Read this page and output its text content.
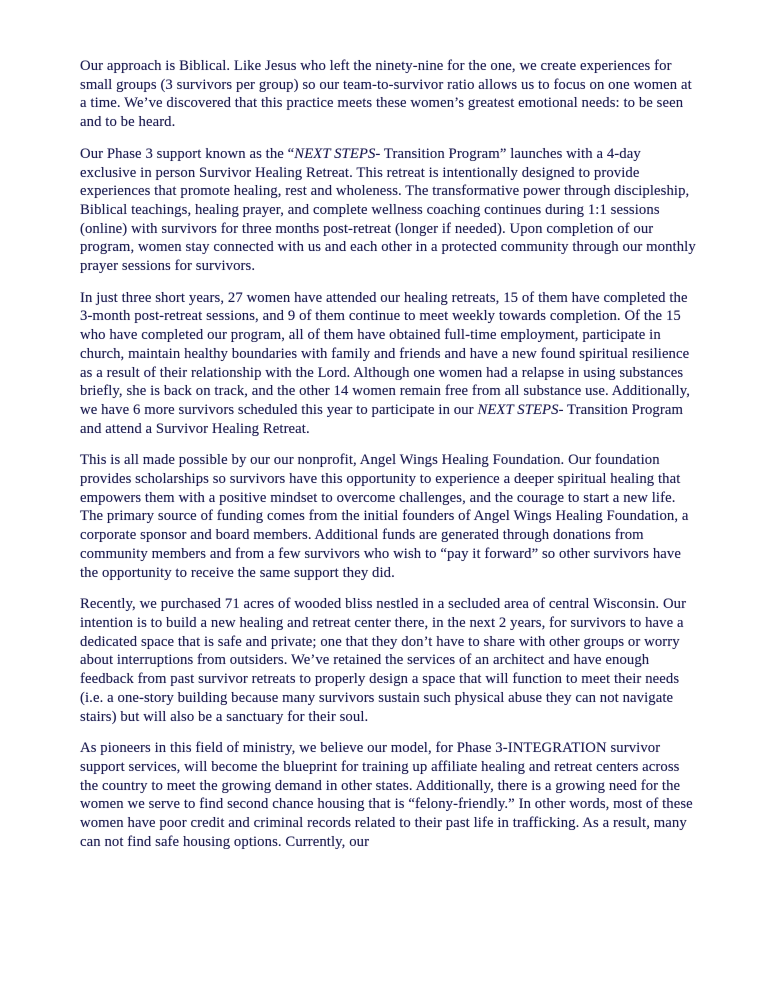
Our approach is Biblical. Like Jesus who left the ninety-nine for the one, we create experiences for small groups (3 survivors per group) so our team-to-survivor ratio allows us to focus on one women at a time. We’ve discovered that this practice meets these women’s greatest emotional needs: to be seen and to be heard.

Our Phase 3 support known as the “NEXT STEPS- Transition Program” launches with a 4-day exclusive in person Survivor Healing Retreat. This retreat is intentionally designed to provide experiences that promote healing, rest and wholeness. The transformative power through discipleship, Biblical teachings, healing prayer, and complete wellness coaching continues during 1:1 sessions (online) with survivors for three months post-retreat (longer if needed). Upon completion of our program, women stay connected with us and each other in a protected community through our monthly prayer sessions for survivors.

In just three short years, 27 women have attended our healing retreats, 15 of them have completed the 3-month post-retreat sessions, and 9 of them continue to meet weekly towards completion. Of the 15 who have completed our program, all of them have obtained full-time employment, participate in church, maintain healthy boundaries with family and friends and have a new found spiritual resilience as a result of their relationship with the Lord. Although one women had a relapse in using substances briefly, she is back on track, and the other 14 women remain free from all substance use. Additionally, we have 6 more survivors scheduled this year to participate in our NEXT STEPS- Transition Program and attend a Survivor Healing Retreat.

This is all made possible by our our nonprofit, Angel Wings Healing Foundation. Our foundation provides scholarships so survivors have this opportunity to experience a deeper spiritual healing that empowers them with a positive mindset to overcome challenges, and the courage to start a new life. The primary source of funding comes from the initial founders of Angel Wings Healing Foundation, a corporate sponsor and board members. Additional funds are generated through donations from community members and from a few survivors who wish to “pay it forward” so other survivors have the opportunity to receive the same support they did.

Recently, we purchased 71 acres of wooded bliss nestled in a secluded area of central Wisconsin. Our intention is to build a new healing and retreat center there, in the next 2 years, for survivors to have a dedicated space that is safe and private; one that they don’t have to share with other groups or worry about interruptions from outsiders. We’ve retained the services of an architect and have enough feedback from past survivor retreats to properly design a space that will function to meet their needs (i.e. a one-story building because many survivors sustain such physical abuse they can not navigate stairs) but will also be a sanctuary for their soul.

As pioneers in this field of ministry, we believe our model, for Phase 3-INTEGRATION survivor support services, will become the blueprint for training up affiliate healing and retreat centers across the country to meet the growing demand in other states. Additionally, there is a growing need for the women we serve to find second chance housing that is “felony-friendly.” In other words, most of these women have poor credit and criminal records related to their past life in trafficking. As a result, many can not find safe housing options. Currently, our
